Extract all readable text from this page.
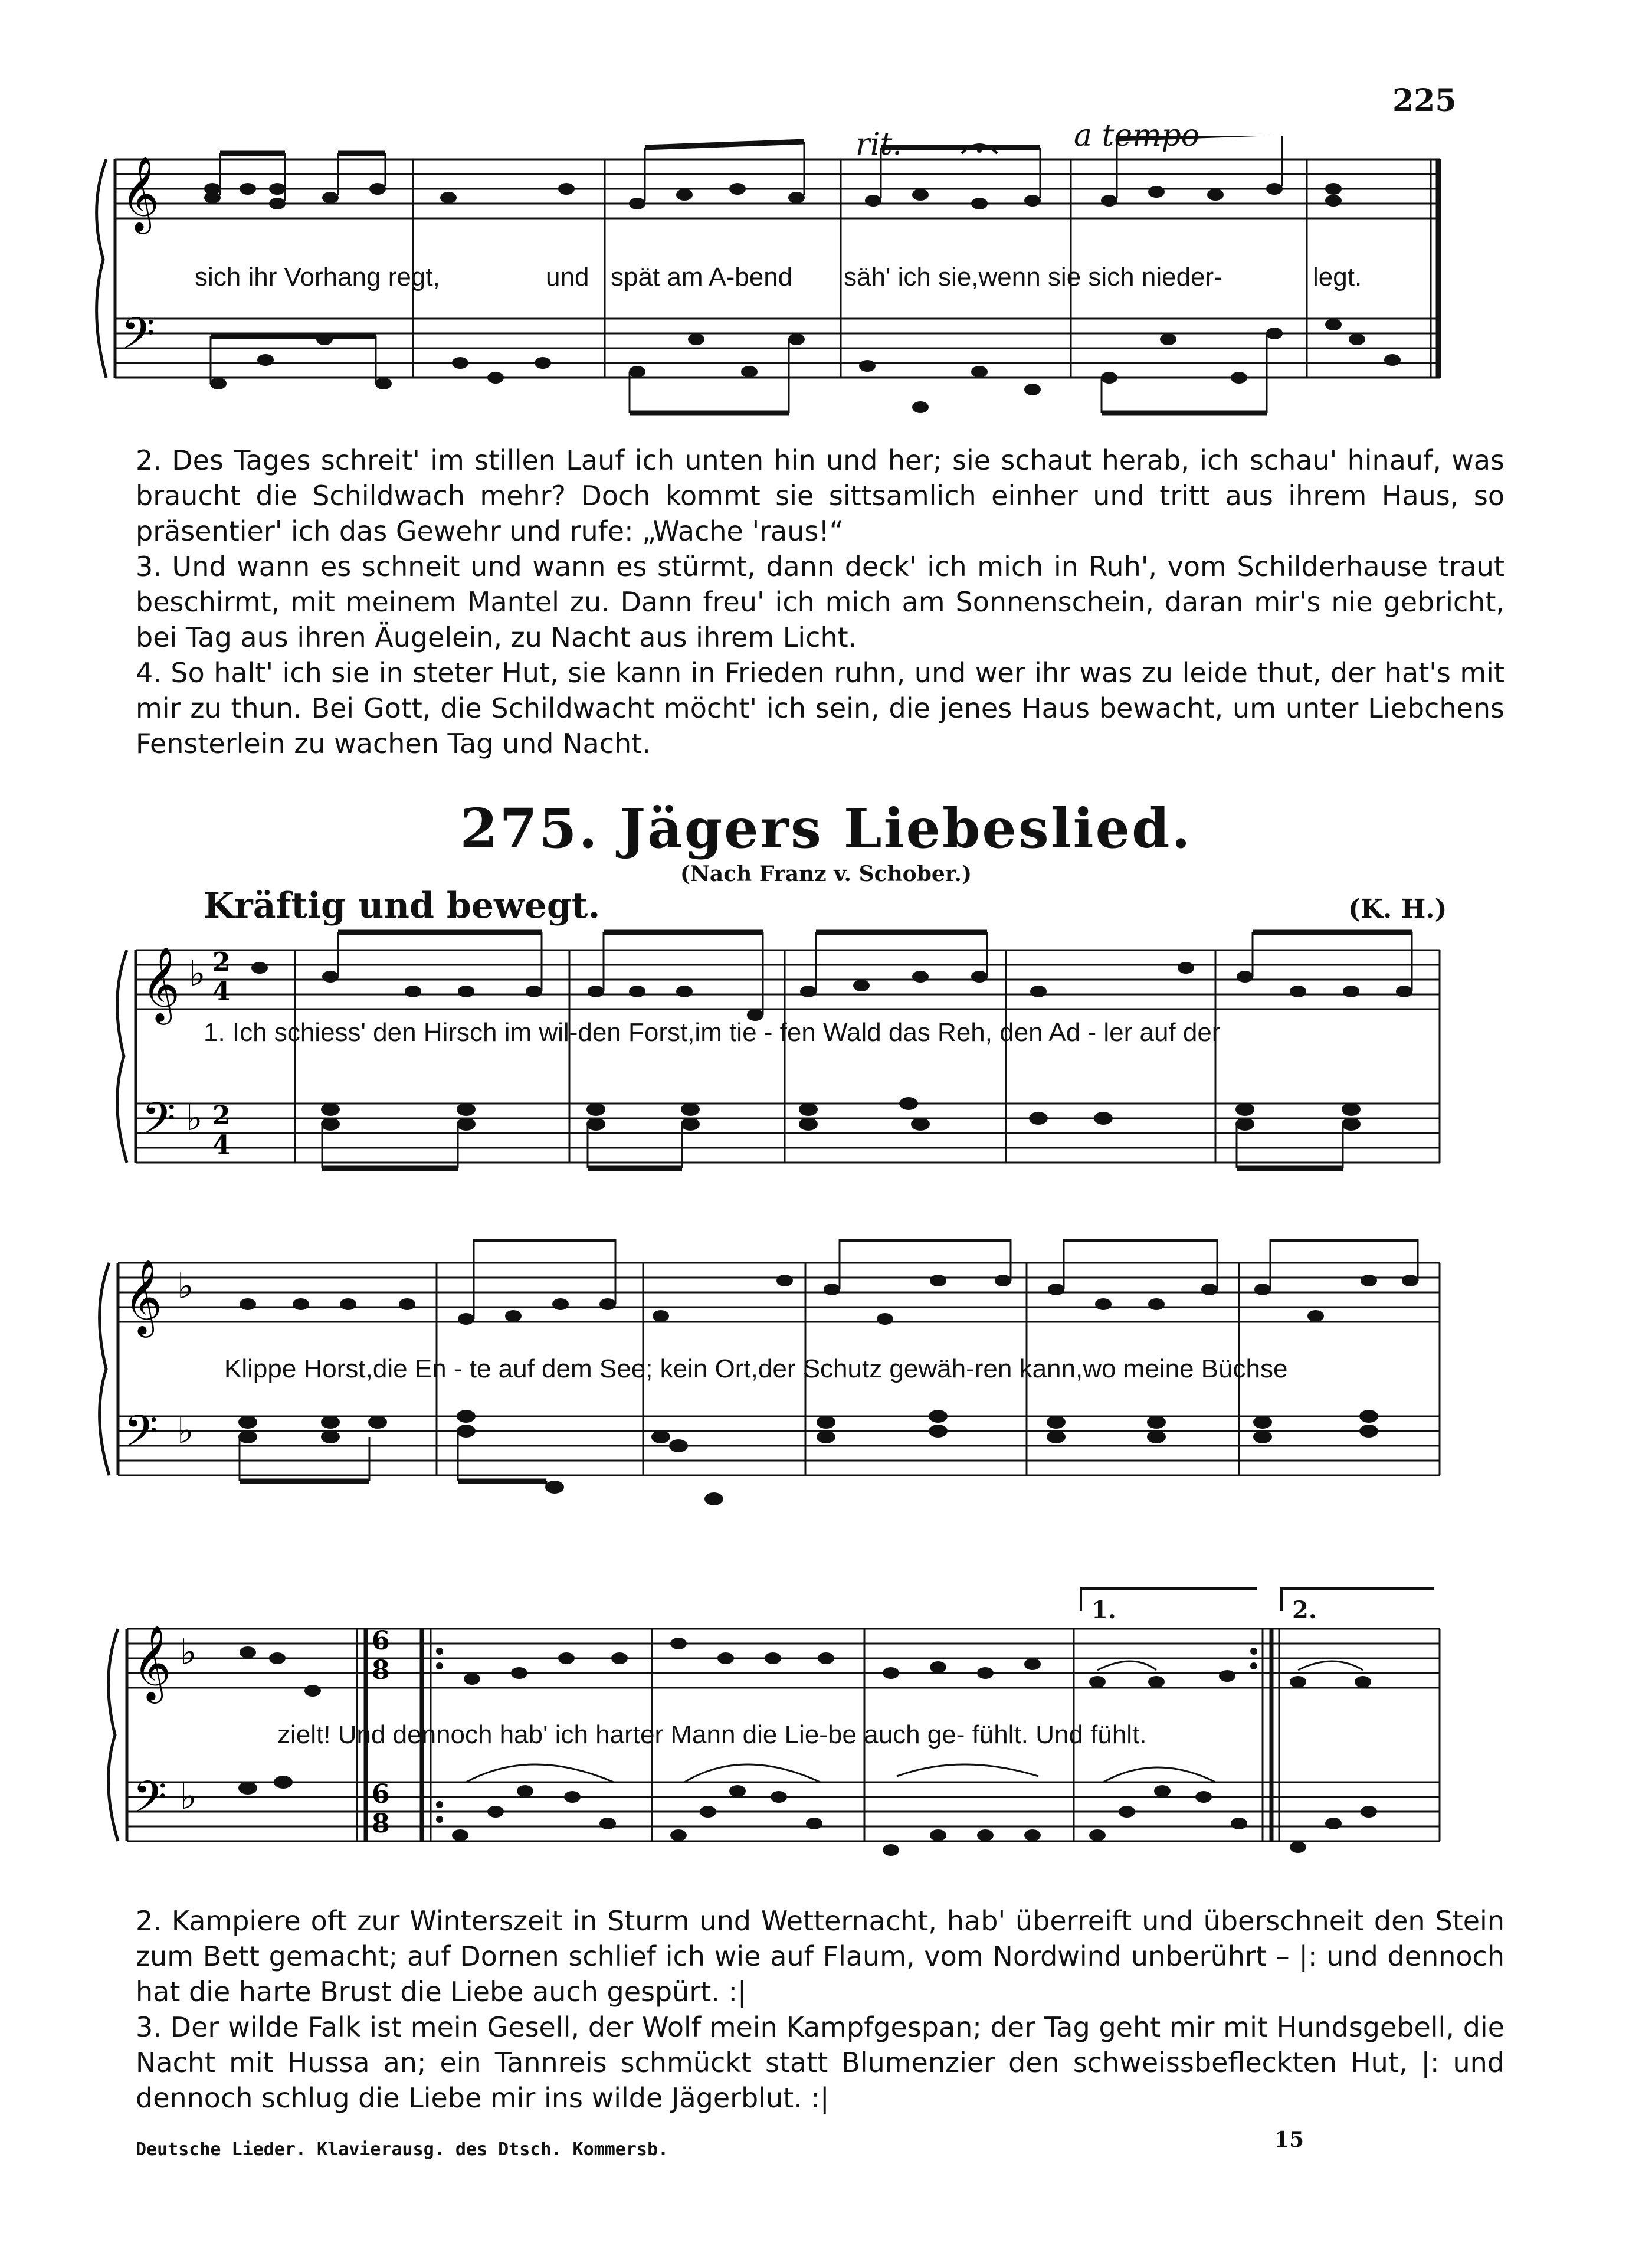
225
𝄞
𝄢
rit.	a tempo
sich ihr Vorhang regt,	und spät am A-bend säh' ich sie,wenn sie sich nieder-	legt.

2. Des Tages schreit' im stillen Lauf ich unten hin und her; sie schaut herab, ich schau' hinauf, was braucht die Schildwach mehr? Doch kommt sie sittsamlich einher und tritt aus ihrem Haus, so präsentier' ich das Gewehr und rufe: „Wache 'raus!“

3. Und wann es schneit und wann es stürmt, dann deck' ich mich in Ruh', vom Schilderhause traut beschirmt, mit meinem Mantel zu. Dann freu' ich mich am Sonnenschein, daran mir's nie gebricht, bei Tag aus ihren Äugelein, zu Nacht aus ihrem Licht.

4. So halt' ich sie in steter Hut, sie kann in Frieden ruhn, und wer ihr was zu leide thut, der hat's mit mir zu thun. Bei Gott, die Schildwacht möcht' ich sein, die jenes Haus bewacht, um unter Liebchens Fensterlein zu wachen Tag und Nacht.

275. Jägers Liebeslied.
(Nach Franz v. Schober.)
Kräftig und bewegt.	(K. H.)
𝄞
𝄢
♭
♭
2
4
2
4
1. Ich schiess' den Hirsch im wil-den Forst,im tie - fen Wald das Reh, den Ad - ler auf der
𝄞
𝄢
♭
♭
Klippe Horst,die En - te auf dem See; kein Ort,der Schutz gewäh-ren kann,wo meine Büchse
𝄞
𝄢
♭
♭
6
8
6
8
1.	2.
zielt! Und dennoch hab' ich harter Mann die Lie-be auch ge- fühlt. Und fühlt.

2. Kampiere oft zur Winterszeit in Sturm und Wetternacht, hab' überreift und überschneit den Stein zum Bett gemacht; auf Dornen schlief ich wie auf Flaum, vom Nordwind unberührt – |: und dennoch hat die harte Brust die Liebe auch gespürt. :|

3. Der wilde Falk ist mein Gesell, der Wolf mein Kampfgespan; der Tag geht mir mit Hundsgebell, die Nacht mit Hussa an; ein Tannreis schmückt statt Blumenzier den schweissbefleckten Hut, |: und dennoch schlug die Liebe mir ins wilde Jägerblut. :|

Deutsche Lieder. Klavierausg. des Dtsch. Kommersb.	15
